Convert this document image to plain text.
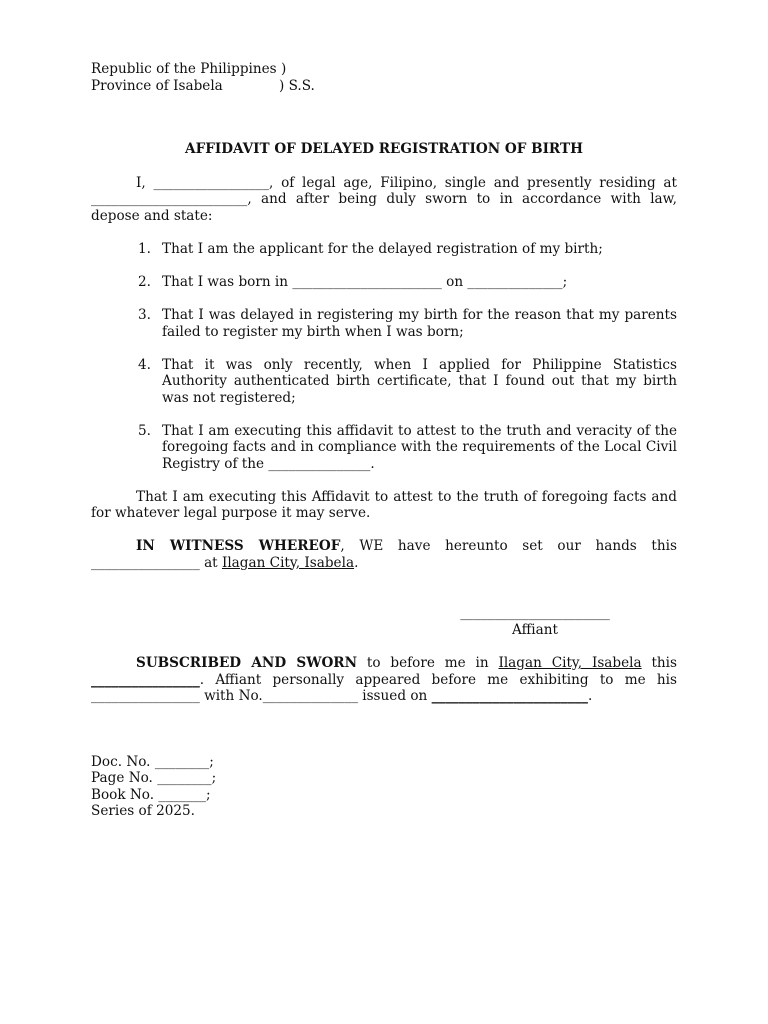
Republic of the Philippines )
Province of Isabela             ) S.S.
AFFIDAVIT OF DELAYED REGISTRATION OF BIRTH
I, _________________, of legal age, Filipino, single and presently residing at _______________________, and after being duly sworn to in accordance with law, depose and state:
1. That I am the applicant for the delayed registration of my birth;
2. That I was born in ______________________ on ______________;
3. That I was delayed in registering my birth for the reason that my parents failed to register my birth when I was born;
4. That it was only recently, when I applied for Philippine Statistics Authority authenticated birth certificate, that I found out that my birth was not registered;
5. That I am executing this affidavit to attest to the truth and veracity of the foregoing facts and in compliance with the requirements of the Local Civil Registry of the _______________.
That I am executing this Affidavit to attest to the truth of foregoing facts and for whatever legal purpose it may serve.
IN WITNESS WHEREOF, WE have hereunto set our hands this ________________ at Ilagan City, Isabela.
______________________
Affiant
SUBSCRIBED AND SWORN to before me in Ilagan City, Isabela this ________________. Affiant personally appeared before me exhibiting to me his ________________ with No.______________ issued on _______________________.
Doc. No. ________;
Page No. ________;
Book No. _______;
Series of 2025.
